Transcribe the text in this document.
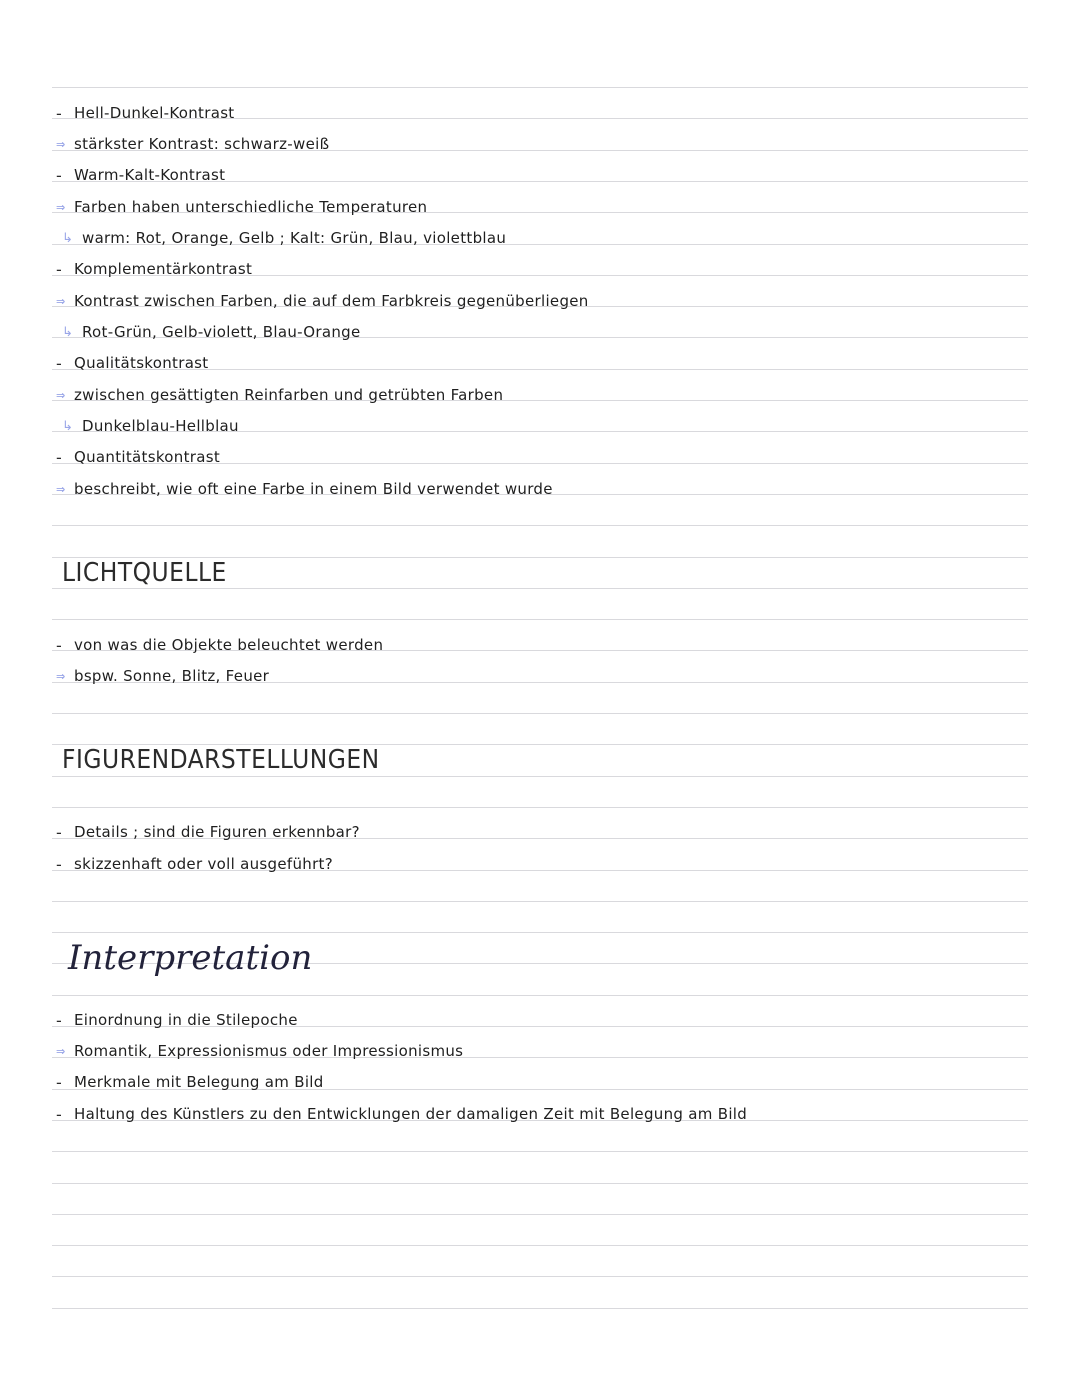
- Hell-Dunkel-Kontrast
⇒ stärkster Kontrast: schwarz-weiß
- Warm-Kalt-Kontrast
⇒ Farben haben unterschiedliche Temperaturen
↳ warm: Rot, Orange, Gelb ; Kalt: Grün, Blau, violettblau
- Komplementärkontrast
⇒ Kontrast zwischen Farben, die auf dem Farbkreis gegenüberliegen
↳ Rot-Grün, Gelb-violett, Blau-Orange
- Qualitätskontrast
⇒ zwischen gesättigten Reinfarben und getrübten Farben
↳ Dunkelblau-Hellblau
- Quantitätskontrast
⇒ beschreibt, wie oft eine Farbe in einem Bild verwendet wurde
LICHTQUELLE
- von was die Objekte beleuchtet werden
⇒ bspw. Sonne, Blitz, Feuer
FIGURENDARSTELLUNGEN
- Details ; sind die Figuren erkennbar?
- skizzenhaft oder voll ausgeführt?
Interpretation
- Einordnung in die Stilepoche
⇒ Romantik, Expressionismus oder Impressionismus
- Merkmale mit Belegung am Bild
- Haltung des Künstlers zu den Entwicklungen der damaligen Zeit mit Belegung am Bild
